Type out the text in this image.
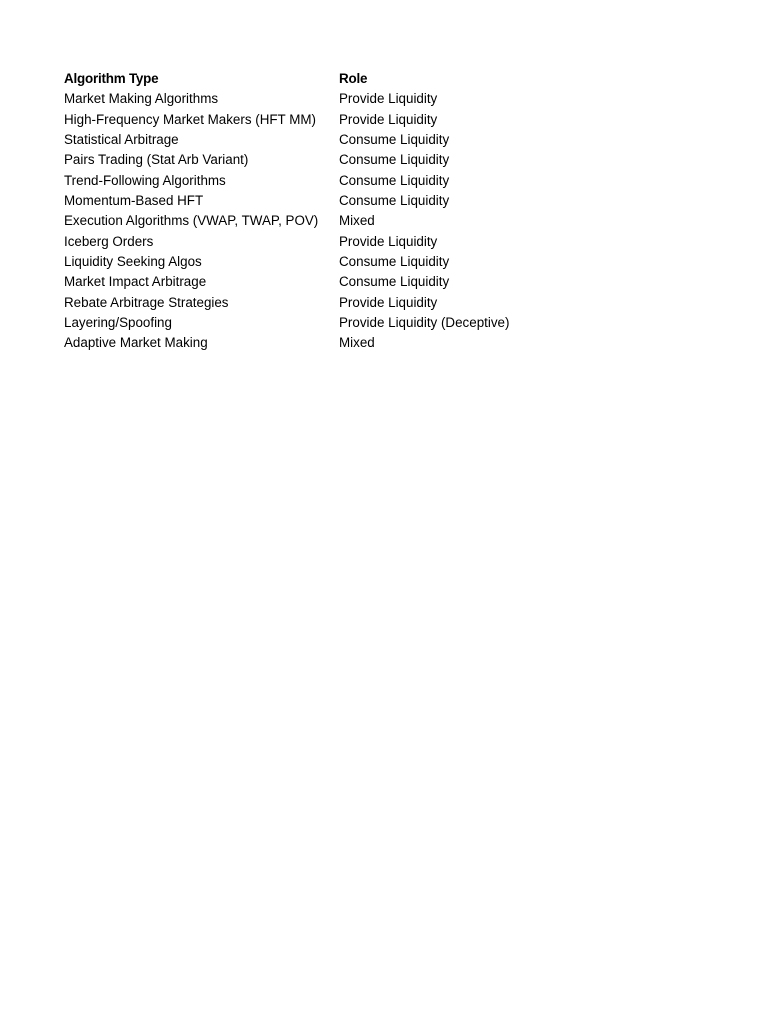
Algorithm Type	Role
Market Making Algorithms	Provide Liquidity
High-Frequency Market Makers (HFT MM)	Provide Liquidity
Statistical Arbitrage	Consume Liquidity
Pairs Trading (Stat Arb Variant)	Consume Liquidity
Trend-Following Algorithms	Consume Liquidity
Momentum-Based HFT	Consume Liquidity
Execution Algorithms (VWAP, TWAP, POV)	Mixed
Iceberg Orders	Provide Liquidity
Liquidity Seeking Algos	Consume Liquidity
Market Impact Arbitrage	Consume Liquidity
Rebate Arbitrage Strategies	Provide Liquidity
Layering/Spoofing	Provide Liquidity (Deceptive)
Adaptive Market Making	Mixed
